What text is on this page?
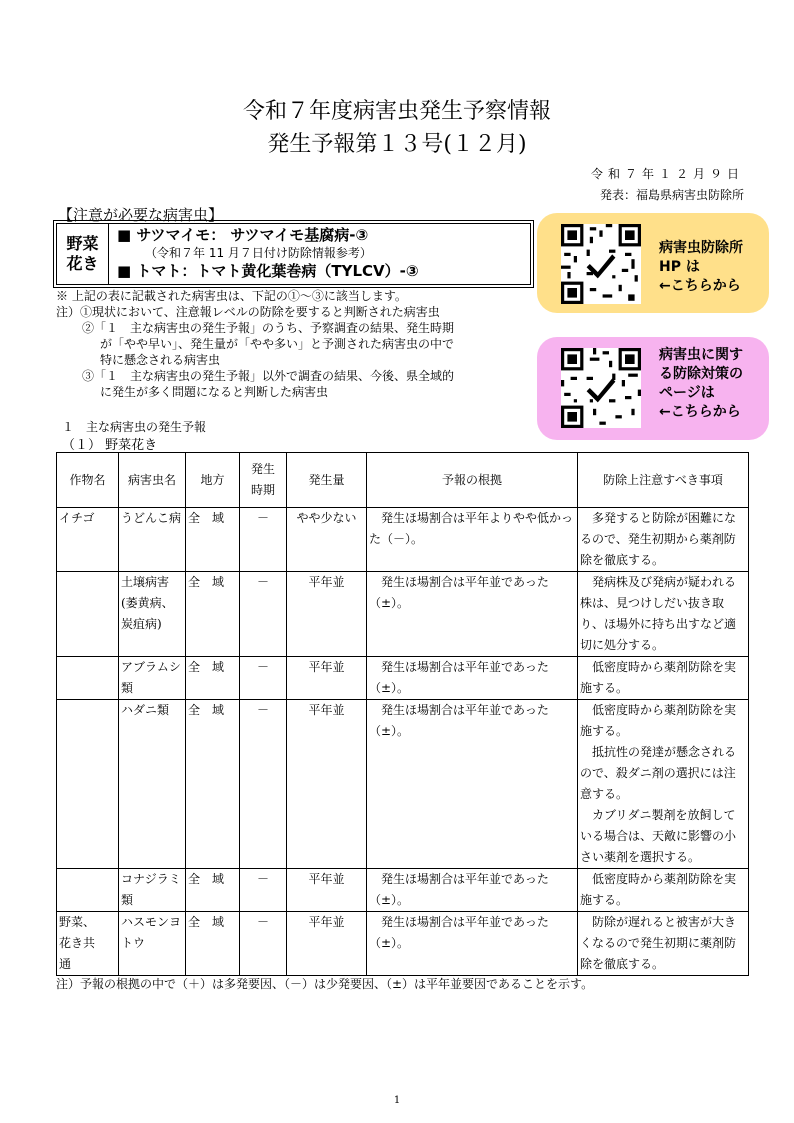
令和７年度病害虫発生予察情報
発生予報第１３号(１２月)
令和７年１２月９日
発表：福島県病害虫防除所
【注意が必要な病害虫】
野菜花き
■ サツマイモ： サツマイモ基腐病-③
（令和７年 11 月７日付け防除情報参考）
■ トマト：トマト黄化葉巻病（TYLCV）-③
※ 上記の表に記載された病害虫は、下記の①～③に該当します。
注）①現状において、注意報レベルの防除を要すると判断された病害虫
②「１　主な病害虫の発生予報」のうち、予察調査の結果、発生時期
が「やや早い」、発生量が「やや多い」と予測された病害虫の中で
特に懸念される病害虫
③「１　主な病害虫の発生予報」以外で調査の結果、今後、県全域的
に発生が多く問題になると判断した病害虫
病害虫防除所
HP は
←こちらから
病害虫に関す
る防除対策の
ページは
←こちらから
１　主な病害虫の発生予報
（１） 野菜花き
作物名	病害虫名	地方	発生時期	発生量	予報の根拠	防除上注意すべき事項
イチゴ	うどんこ病	全　域	－	やや少ない	発生ほ場割合は平年よりやや低かった（－）。	多発すると防除が困難になるので、発生初期から薬剤防除を徹底する。
	土壌病害(萎黄病、炭疽病)	全　域	－	平年並	発生ほ場割合は平年並であった（±）。	発病株及び発病が疑われる株は、見つけしだい抜き取り、ほ場外に持ち出すなど適切に処分する。
	アブラムシ類	全　域	－	平年並	発生ほ場割合は平年並であった（±）。	低密度時から薬剤防除を実施する。
	ハダニ類	全　域	－	平年並	発生ほ場割合は平年並であった（±）。	低密度時から薬剤防除を実施する。
抵抗性の発達が懸念されるので、殺ダニ剤の選択には注意する。
カブリダニ製剤を放飼している場合は、天敵に影響の小さい薬剤を選択する。

	コナジラミ類	全　域	－	平年並	発生ほ場割合は平年並であった（±）。	低密度時から薬剤防除を実施する。
野菜、花き共通	ハスモンヨトウ	全　域	－	平年並	発生ほ場割合は平年並であった（±）。	防除が遅れると被害が大きくなるので発生初期に薬剤防除を徹底する。
注）予報の根拠の中で（＋）は多発要因、（－）は少発要因、（±）は平年並要因であることを示す。
1
